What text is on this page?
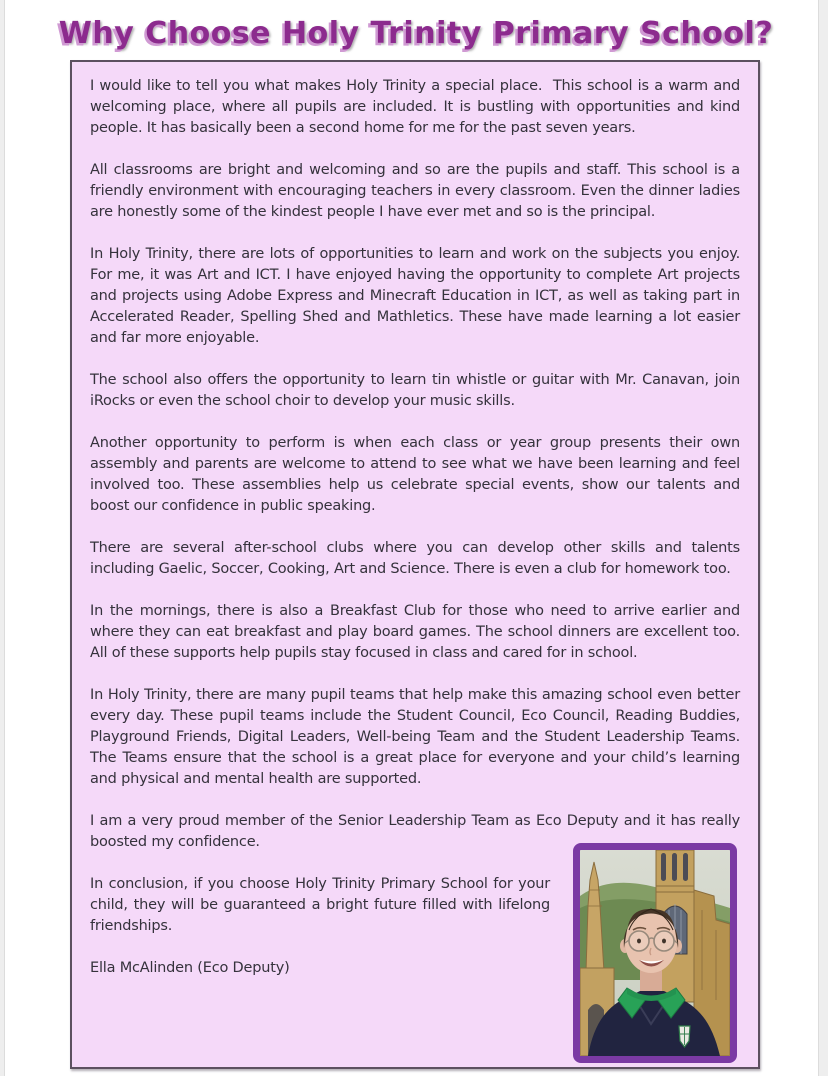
Why Choose Holy Trinity Primary School?

I would like to tell you what makes Holy Trinity a special place.  This school is a warm and welcoming place, where all pupils are included. It is bustling with opportunities and kind people. It has basically been a second home for me for the past seven years.

All classrooms are bright and welcoming and so are the pupils and staff. This school is a friendly environment with encouraging teachers in every classroom. Even the dinner ladies are honestly some of the kindest people I have ever met and so is the principal.

In Holy Trinity, there are lots of opportunities to learn and work on the subjects you enjoy. For me, it was Art and ICT. I have enjoyed having the opportunity to complete Art projects and projects using Adobe Express and Minecraft Education in ICT, as well as taking part in Accelerated Reader, Spelling Shed and Mathletics. These have made learning a lot easier and far more enjoyable.

The school also offers the opportunity to learn tin whistle or guitar with Mr. Canavan, join iRocks or even the school choir to develop your music skills.

Another opportunity to perform is when each class or year group presents their own assembly and parents are welcome to attend to see what we have been learning and feel involved too. These assemblies help us celebrate special events, show our talents and boost our confidence in public speaking.

There are several after-school clubs where you can develop other skills and talents including Gaelic, Soccer, Cooking, Art and Science. There is even a club for homework too.

In the mornings, there is also a Breakfast Club for those who need to arrive earlier and where they can eat breakfast and play board games. The school dinners are excellent too. All of these supports help pupils stay focused in class and cared for in school.

In Holy Trinity, there are many pupil teams that help make this amazing school even better every day. These pupil teams include the Student Council, Eco Council, Reading Buddies, Playground Friends, Digital Leaders, Well-being Team and the Student Leadership Teams. The Teams ensure that the school is a great place for everyone and your child’s learning and physical and mental health are supported.

I am a very proud member of the Senior Leadership Team as Eco Deputy and it has really boosted my confidence.

In conclusion, if you choose Holy Trinity Primary School for your child, they will be guaranteed a bright future filled with lifelong friendships.

Ella McAlinden (Eco Deputy)
